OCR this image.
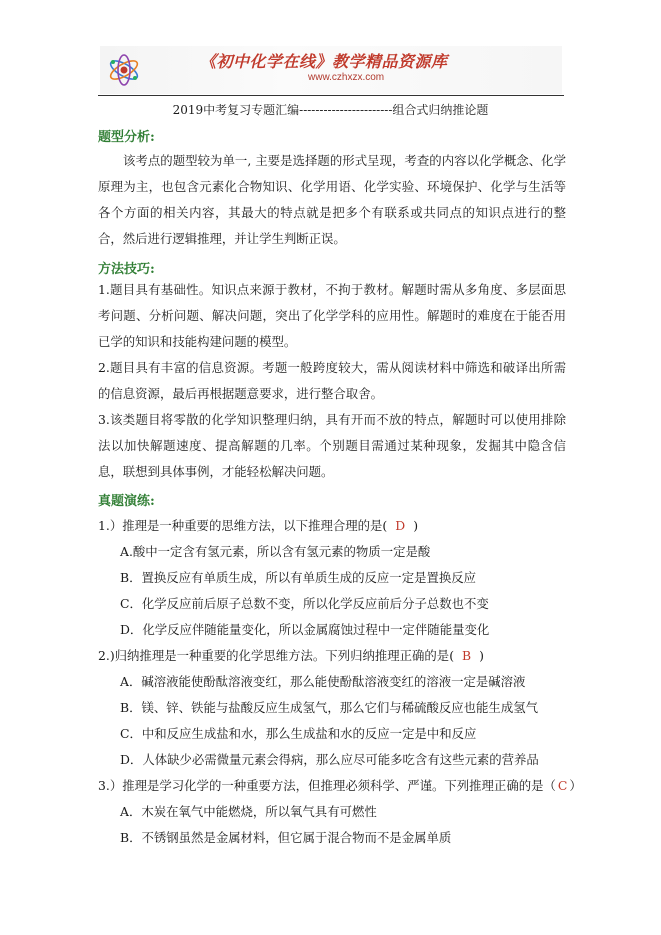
《初中化学在线》教学精品资源库
www.czhxzx.com
2019中考复习专题汇编-----------------------组合式归纳推论题
题型分析:

该考点的题型较为单一, 主要是选择题的形式呈现，考查的内容以化学概念、化学原理为主，也包含元素化合物知识、化学用语、化学实验、环境保护、化学与生活等各个方面的相关内容，其最大的特点就是把多个有联系或共同点的知识点进行的整合，然后进行逻辑推理，并让学生判断正误。

方法技巧:

1.题目具有基础性。知识点来源于教材，不拘于教材。解题时需从多角度、多层面思考问题、分析问题、解决问题，突出了化学学科的应用性。解题时的难度在于能否用已学的知识和技能构建问题的模型。

2.题目具有丰富的信息资源。考题一般跨度较大，需从阅读材料中筛选和破译出所需的信息资源，最后再根据题意要求，进行整合取舍。

3.该类题目将零散的化学知识整理归纳，具有开而不放的特点，解题时可以使用排除法以加快解题速度、提高解题的几率。个别题目需通过某种现象，发掘其中隐含信息，联想到具体事例，才能轻松解决问题。

真题演练:
1.）推理是一种重要的思维方法，以下推理合理的是( D )
A.酸中一定含有氢元素，所以含有氢元素的物质一定是酸
B．置换反应有单质生成，所以有单质生成的反应一定是置换反应
C．化学反应前后原子总数不变，所以化学反应前后分子总数也不变
D．化学反应伴随能量变化，所以金属腐蚀过程中一定伴随能量变化
2.)归纳推理是一种重要的化学思维方法。下列归纳推理正确的是( B )
A．碱溶液能使酚酞溶液变红，那么能使酚酞溶液变红的溶液一定是碱溶液
B．镁、锌、铁能与盐酸反应生成氢气，那么它们与稀硫酸反应也能生成氢气
C．中和反应生成盐和水，那么生成盐和水的反应一定是中和反应
D．人体缺少必需微量元素会得病，那么应尽可能多吃含有这些元素的营养品
3.）推理是学习化学的一种重要方法，但推理必须科学、严谨。下列推理正确的是（ C ）
A．木炭在氧气中能燃烧，所以氧气具有可燃性
B．不锈钢虽然是金属材料，但它属于混合物而不是金属单质
